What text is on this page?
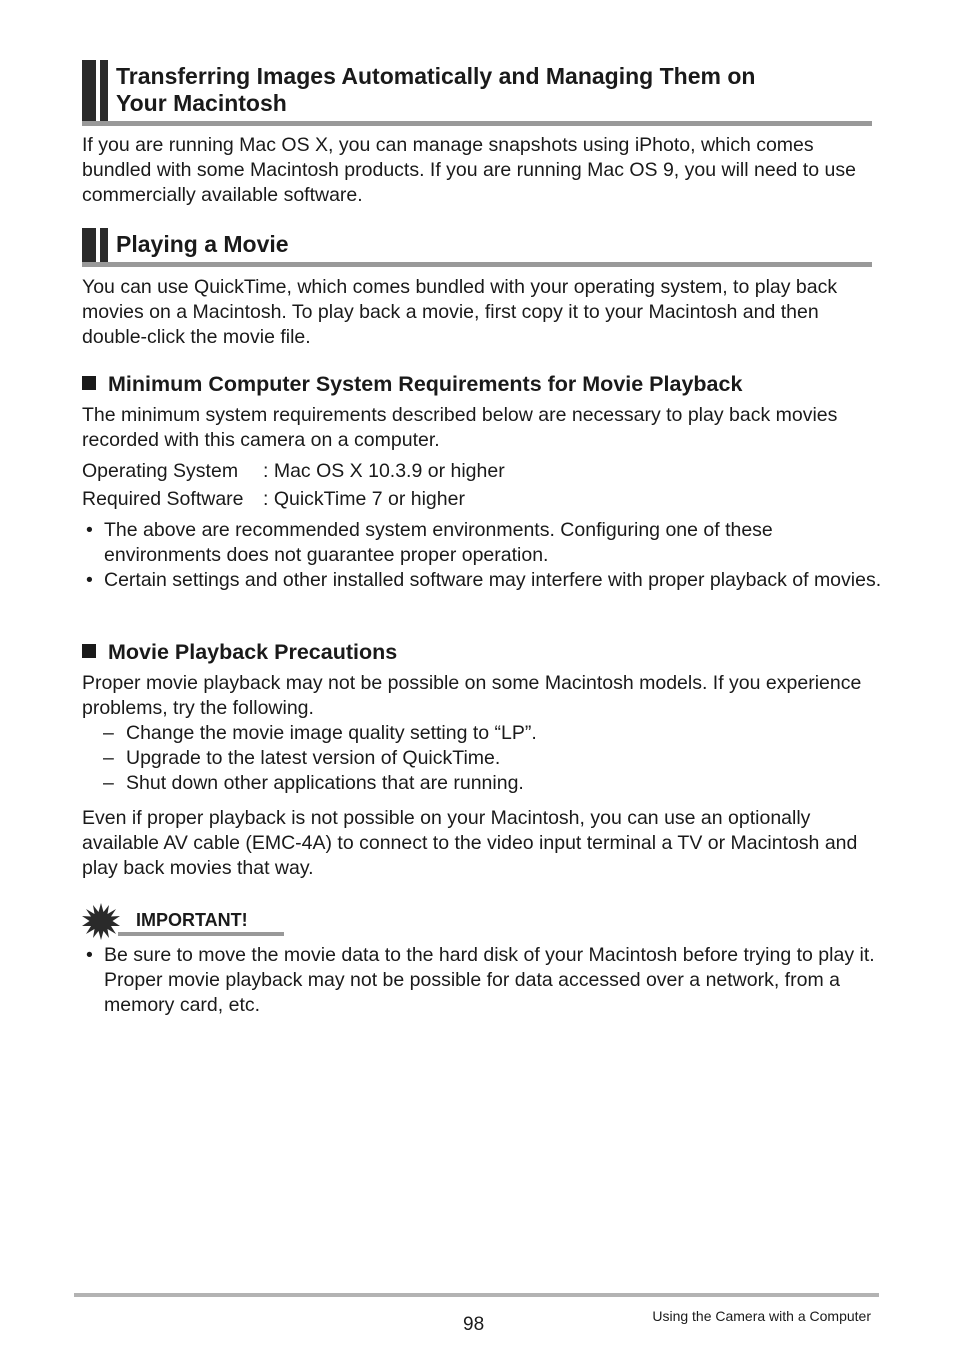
Transferring Images Automatically and Managing Them on
Your Macintosh

If you are running Mac OS X, you can manage snapshots using iPhoto, which comes bundled with some Macintosh products. If you are running Mac OS 9, you will need to use commercially available software.

Playing a Movie

You can use QuickTime, which comes bundled with your operating system, to play back movies on a Macintosh. To play back a movie, first copy it to your Macintosh and then double-click the movie file.

Minimum Computer System Requirements for Movie Playback

The minimum system requirements described below are necessary to play back movies recorded with this camera on a computer.

Operating System : Mac OS X 10.3.9 or higher
Required Software : QuickTime 7 or higher
• The above are recommended system environments. Configuring one of these environments does not guarantee proper operation.
• Certain settings and other installed software may interfere with proper playback of movies.
Movie Playback Precautions

Proper movie playback may not be possible on some Macintosh models. If you experience problems, try the following.

– Change the movie image quality setting to “LP”.
– Upgrade to the latest version of QuickTime.
– Shut down other applications that are running.

Even if proper playback is not possible on your Macintosh, you can use an optionally available AV cable (EMC-4A) to connect to the video input terminal a TV or Macintosh and play back movies that way.

IMPORTANT!
• Be sure to move the movie data to the hard disk of your Macintosh before trying to play it. Proper movie playback may not be possible for data accessed over a network, from a memory card, etc.
98	Using the Camera with a Computer
